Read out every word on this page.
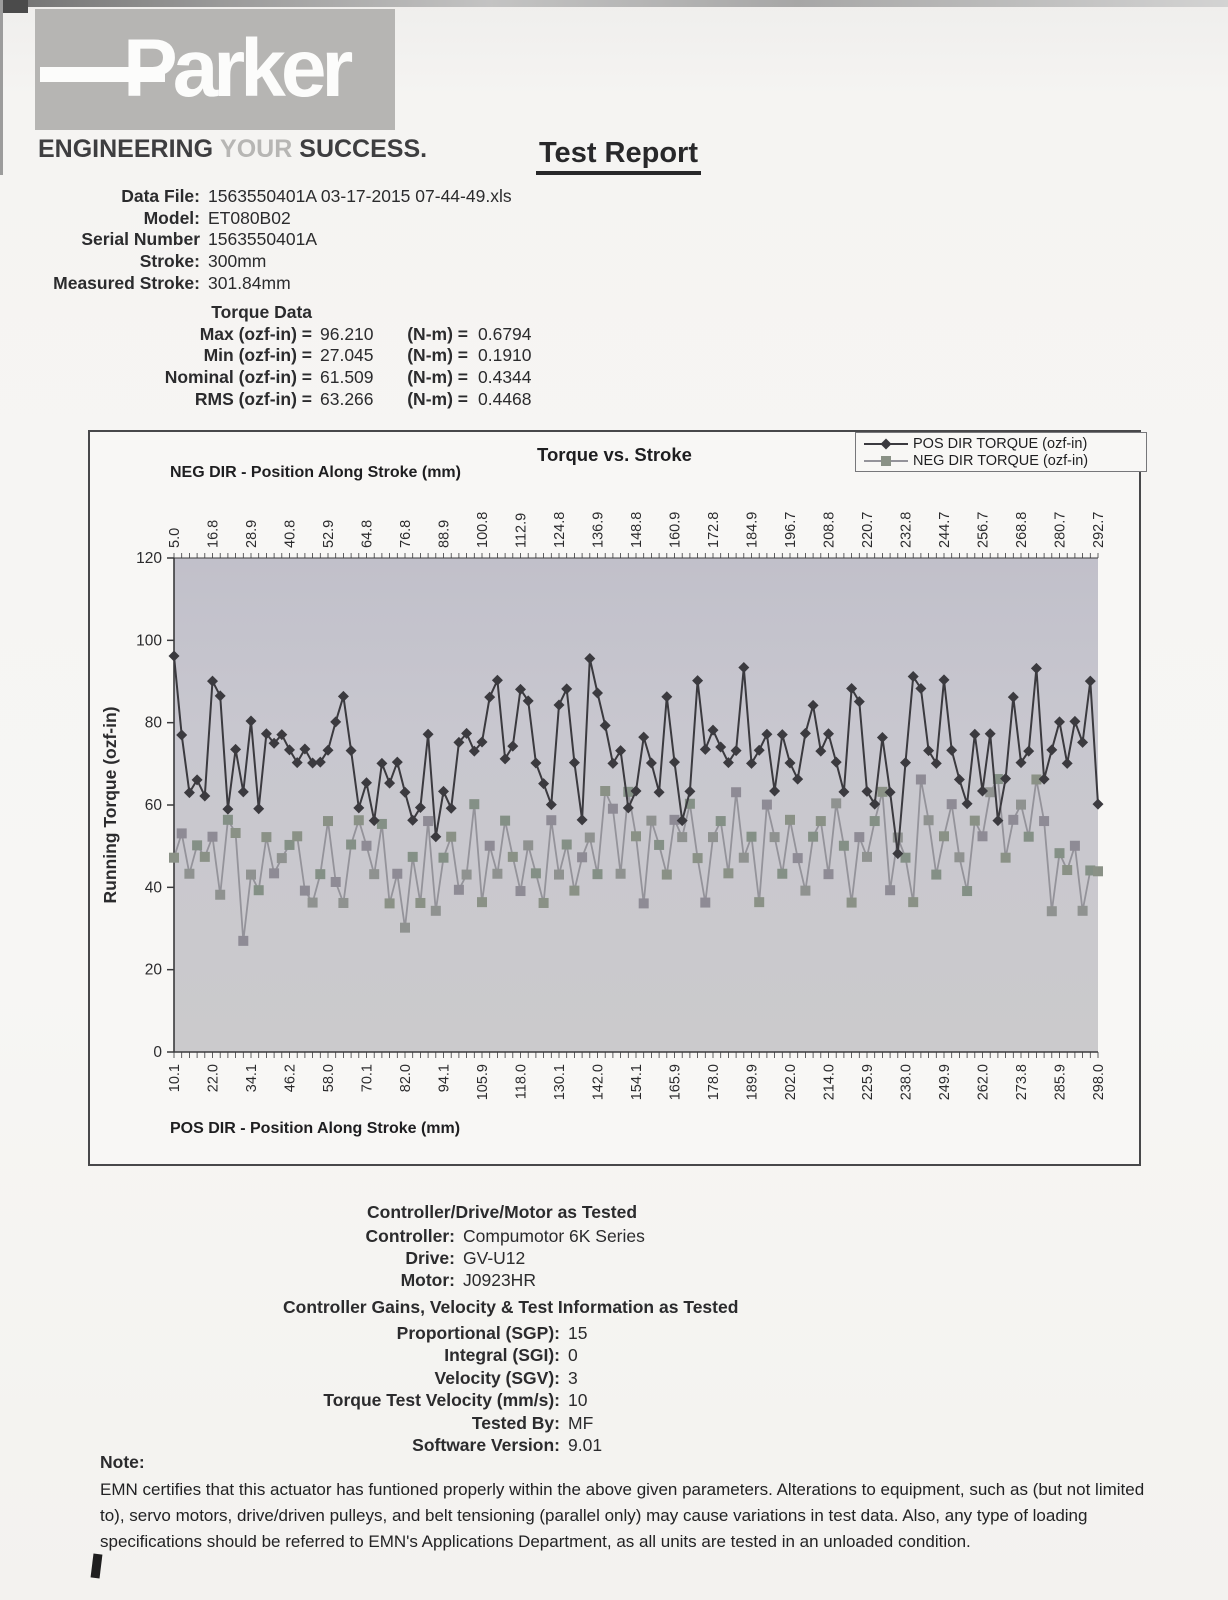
Parker
ENGINEERING YOUR SUCCESS.	Test Report
Data File: 1563550401A 03-17-2015 07-44-49.xls
Model: ET080B02
Serial Number 1563550401A
Stroke: 300mm
Measured Stroke: 301.84mm
Torque Data
Max (ozf-in) = 96.210 (N-m) = 0.6794
Min (ozf-in) = 27.045 (N-m) = 0.1910
Nominal (ozf-in) = 61.509 (N-m) = 0.4344
RMS (ozf-in) = 63.266 (N-m) = 0.4468
0
20
40
60
80
100
120
5.0 16.8 28.9 40.8 52.9 64.8 76.8 88.9 100.8 112.9 124.8 136.9 148.8 160.9 172.8 184.9 196.7 208.8 220.7 232.8 244.7 256.7 268.8 280.7 292.7
10.1 22.0 34.1 46.2 58.0 70.1 82.0 94.1 105.9 118.0 130.1 142.0 154.1 165.9 178.0 189.9 202.0 214.0 225.9 238.0 249.9 262.0 273.8 285.9 298.0
Running Torque (ozf-in)
Torque vs. Stroke
NEG DIR - Position Along Stroke (mm)
POS DIR - Position Along Stroke (mm)
POS DIR TORQUE (ozf-in)
NEG DIR TORQUE (ozf-in)
Controller/Drive/Motor as Tested
Controller: Compumotor 6K Series
Drive: GV-U12
Motor: J0923HR
Controller Gains, Velocity & Test Information as Tested
Proportional (SGP): 15
Integral (SGI): 0
Velocity (SGV): 3
Torque Test Velocity (mm/s): 10
Tested By: MF
Software Version: 9.01
Note:
EMN certifies that this actuator has funtioned properly within the above given parameters. Alterations to equipment, such as (but not limited to), servo motors, drive/driven pulleys, and belt tensioning (parallel only) may cause variations in test data. Also, any type of loading specifications should be referred to EMN's Applications Department, as all units are tested in an unloaded condition.
